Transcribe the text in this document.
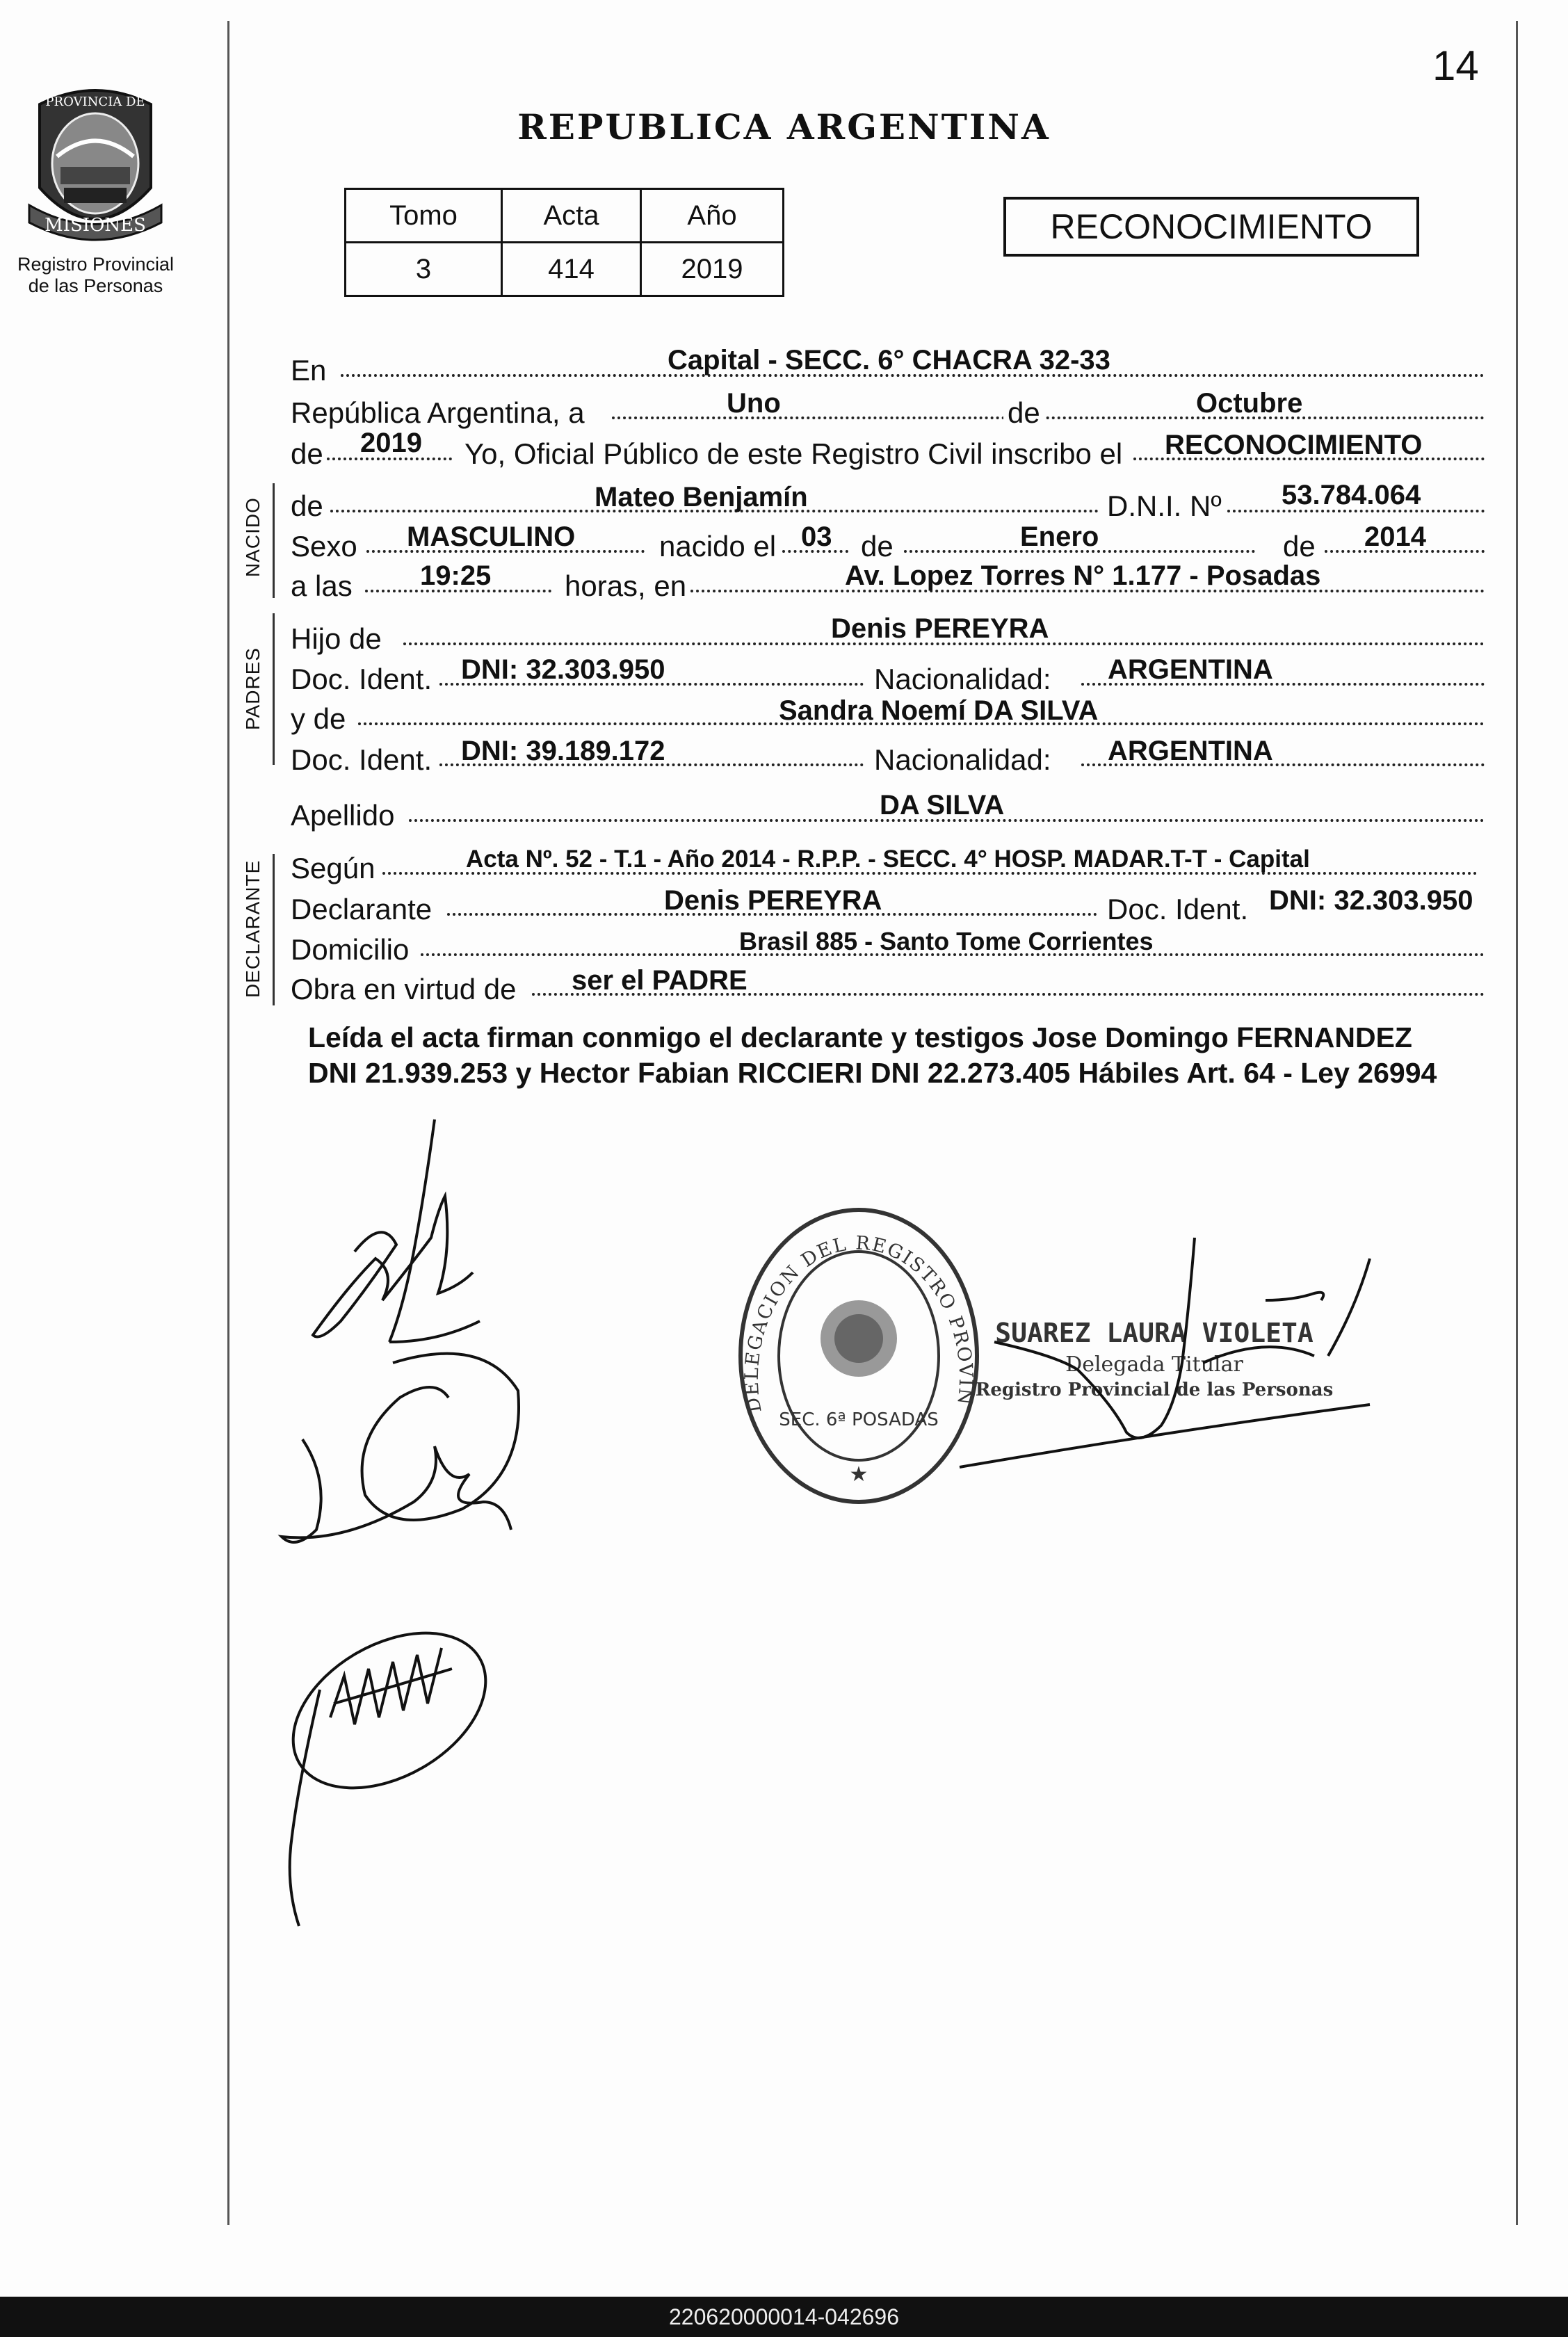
MISIONES
PROVINCIA DE
Registro Provincial
de las Personas
14
REPUBLICA ARGENTINA
Tomo	Acta	Año
3	414	2019
RECONOCIMIENTO
En	Capital - SECC. 6° CHACRA 32-33
República Argentina, a	Uno	de	Octubre
de 2019 Yo, Oficial Público de este Registro Civil inscribo el RECONOCIMIENTO
NACIDO de	Mateo Benjamín	D.N.I. Nº 53.784.064
Sexo MASCULINO	nacido el 03 de	Enero	de 2014
a las 19:25	horas, en	Av. Lopez Torres N° 1.177 - Posadas
PADRES
Hijo de	Denis PEREYRA
Doc. Ident. DNI: 32.303.950	Nacionalidad: ARGENTINA
y de	Sandra Noemí DA SILVA
Doc. Ident. DNI: 39.189.172	Nacionalidad: ARGENTINA
Apellido	DA SILVA
DECLARANTE Según	Acta Nº. 52 - T.1 - Año 2014 - R.P.P. - SECC. 4° HOSP. MADAR.T-T - Capital
Declarante	Denis PEREYRA	Doc. Ident. DNI: 32.303.950
Domicilio	Brasil 885 - Santo Tome Corrientes
Obra en virtud de ser el PADRE
Leída el acta firman conmigo el declarante y testigos Jose Domingo FERNANDEZ DNI 21.939.253 y Hector Fabian RICCIERI DNI 22.273.405 Hábiles Art. 64 - Ley 26994
DELEGACION DEL REGISTRO PROVIN
SEC. 6ª POSADAS
★
SUAREZ LAURA VIOLETA
Delegada Titular
Registro Provincial de las Personas
220620000014-042696
